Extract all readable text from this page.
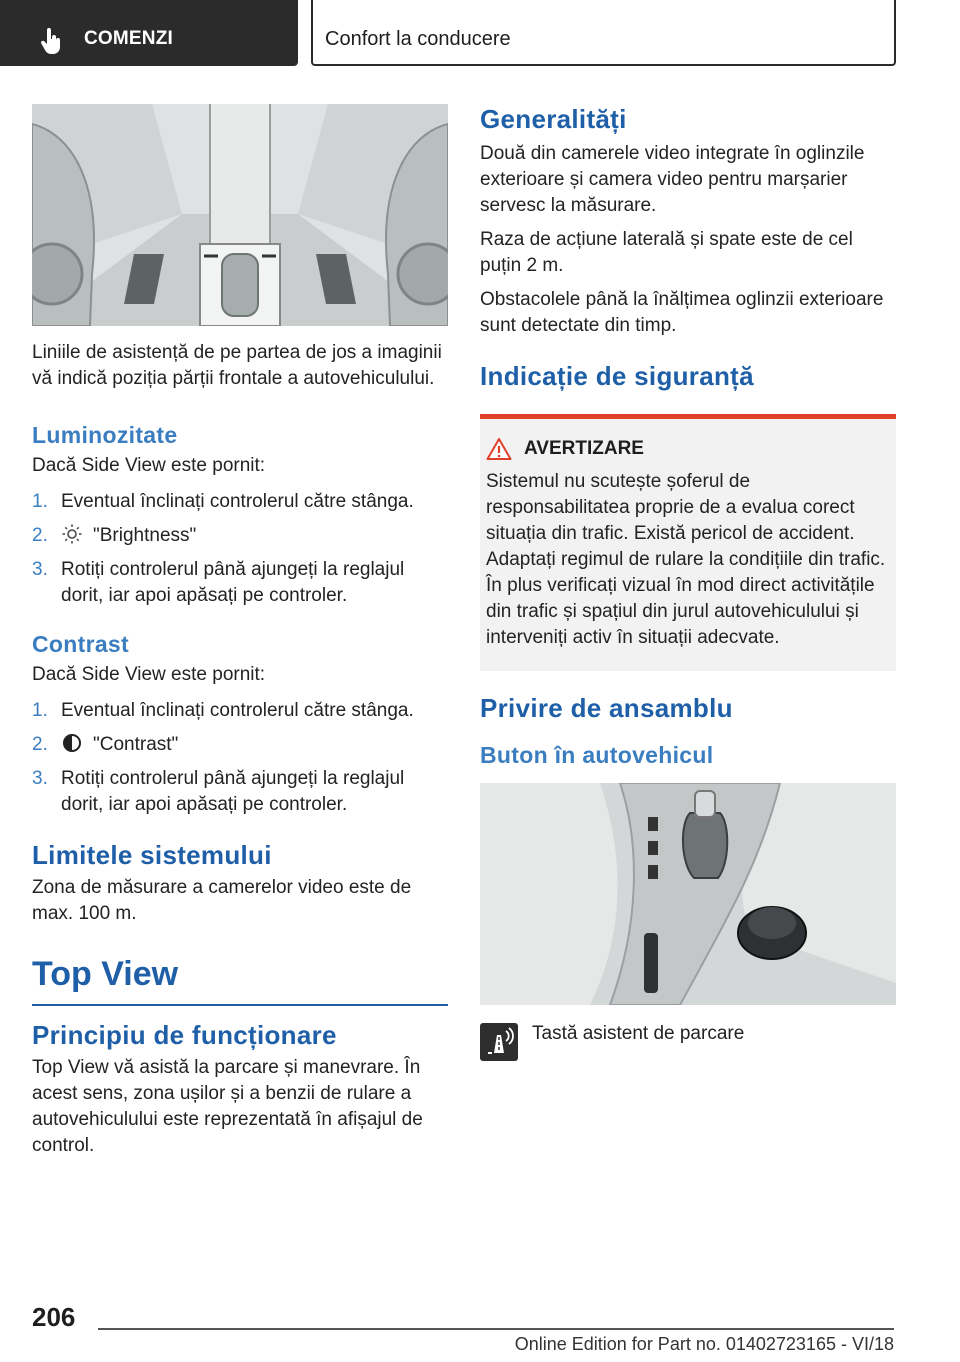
COMENZI	Confort la conducere

Liniile de asistență de pe partea de jos a imaginii vă indică poziția părții frontale a autovehiculului.

Luminozitate

Dacă Side View este pornit:

1. Eventual înclinați controlerul către stânga.
2. "Brightness"
3. Rotiți controlerul până ajungeți la reglajul dorit, iar apoi apăsați pe controler.
Contrast

Dacă Side View este pornit:

1. Eventual înclinați controlerul către stânga.
2. "Contrast"
3. Rotiți controlerul până ajungeți la reglajul dorit, iar apoi apăsați pe controler.
Limitele sistemului

Zona de măsurare a camerelor video este de max. 100 m.

Top View
Principiu de funcționare

Top View vă asistă la parcare și manevrare. În acest sens, zona ușilor și a benzii de rulare a autovehiculului este reprezentată în afișajul de control.

Generalități

Două din camerele video integrate în oglinzile exterioare și camera video pentru marșarier servesc la măsurare.

Raza de acțiune laterală și spate este de cel puțin 2 m.

Obstacolele până la înălțimea oglinzii exterioare sunt detectate din timp.

Indicație de siguranță
AVERTIZARE

Sistemul nu scutește șoferul de responsabilitatea proprie de a evalua corect situația din trafic. Există pericol de accident. Adaptați regimul de rulare la condițiile din trafic. În plus verificați vizual în mod direct activitățile din trafic și spațiul din jurul autovehiculului și interveniți activ în situații adecvate.

Privire de ansamblu
Buton în autovehicul
Tastă asistent de parcare
206
Online Edition for Part no. 01402723165 - VI/18
